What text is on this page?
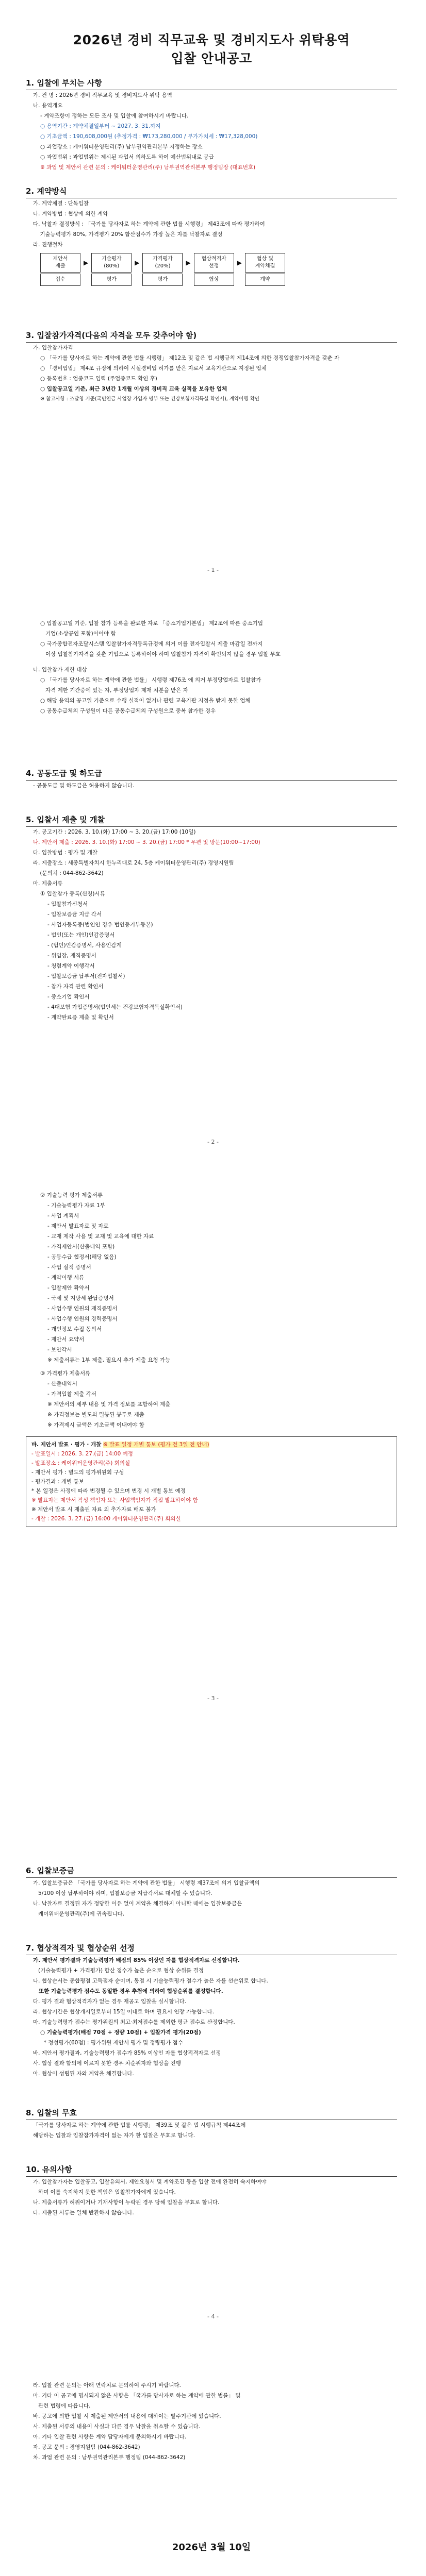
2026년 경비 직무교육 및 경비지도사 위탁용역
입찰 안내공고

1. 입찰에 부치는 사항

가. 건 명 : 2026년 경비 직무교육 및 경비지도사 위탁 용역

나. 용역개요

- 계약조항이 정하는 모든 조사 및 입찰에 참여하시기 바랍니다.

○ 용역기간 : 계약체결일부터 ~ 2027. 3. 31.까지

○ 기초금액 : 190,608,000원 (추정가격 : ₩173,280,000 / 부가가치세 : ₩17,328,000)

○ 과업장소 : 케이워터운영관리(주) 남부권역관리본부 지정하는 장소

○ 과업범위 : 과업범위는 제시된 과업서 의하도록 하여 예산범위내로 공급

※ 과업 및 제안서 관련 문의 : 케이워터운영관리(주) 남부권역관리본부 행정팀장 (대표번호)

2. 계약방식

가. 계약체결 : 단독입찰

나. 계약방법 : 협상에 의한 계약

다. 낙찰자 결정방식 : 「국가를 당사자로 하는 계약에 관한 법률 시행령」 제43조에 따라 평가하여

기술능력평가 80%, 가격평가 20% 합산점수가 가장 높은 자를 낙찰자로 결정

라. 진행절차

제안서
제출	▶
기술평가
(80%)	▶
가격평가
(20%)	▶
협상적격자
선정	▶
협상 및
계약체결
접수	평가	평가	협상	계약

3. 입찰참가자격(다음의 자격을 모두 갖추어야 함)

가. 입찰참가자격

○ 「국가를 당사자로 하는 계약에 관한 법률 시행령」 제12조 및 같은 법 시행규칙 제14조에 의한 경쟁입찰참가자격을 갖춘 자

○ 「경비업법」 제4조 규정에 의하여 시설경비업 허가를 받은 자로서 교육기관으로 지정된 업체

○ 등록번호 : 업종코드 입력 (주업종코드 확인 후)

○ 입찰공고일 기준, 최근 3년간 1개월 이상의 경비직 교육 실적을 보유한 업체

※ 참고사항 : 조달청 기준(국민연금 사업장 가입자 명부 또는 건강보험자격득실 확인서), 계약이행 확인

- 1 -

○ 입찰공고일 기준, 입찰 참가 등록을 완료한 자로 「중소기업기본법」 제2조에 따른 중소기업

기업(소상공인 포함)이어야 함

○ 국가종합전자조달시스템 입찰참가자격등록규정에 의거 이를 전자입찰서 제출 마감일 전까지

이상 입찰참가자격을 갖춘 기업으로 등록하여야 하며 입찰참가 자격이 확인되지 않을 경우 입찰 무효

나. 입찰참가 제한 대상

○ 「국가를 당사자로 하는 계약에 관한 법률」 시행령 제76조 에 의거 부정당업자로 입찰참가

자격 제한 기간중에 있는 자, 부정당업자 제재 처분을 받은 자

○ 해당 용역의 공고일 기준으로 수행 실적이 없거나 관련 교육기관 지정을 받지 못한 업체

○ 공동수급체의 구성원이 다른 공동수급체의 구성원으로 중복 참가한 경우

4. 공동도급 및 하도급

- 공동도급 및 하도급은 허용하지 않습니다.

5. 입찰서 제출 및 개찰

가. 공고기간 : 2026. 3. 10.(화) 17:00 ~ 3. 20.(금) 17:00 (10일)

나. 제안서 제출 : 2026. 3. 10.(화) 17:00 ~ 3. 20.(금) 17:00 * 우편 및 방문(10:00~17:00)

다. 입찰방법 : 평가 및 개찰

라. 제출장소 : 세종특별자치시 한누리대로 24, 5층 케이워터운영관리(주) 경영지원팀

(문의처 : 044-862-3642)

마. 제출서류

① 입찰참가 등록(신청)서류

- 입찰참가신청서

- 입찰보증금 지급 각서

- 사업자등록증(법인인 경우 법인등기부등본)

- 법인(또는 개인)인감증명서

- (법인)인감증명서, 사용인감계

- 위임장, 재직증명서

- 청렴계약 이행각서

- 입찰보증금 납부서(전자입찰서)

- 참가 자격 관련 확인서

- 중소기업 확인서

- 4대보험 가입증명서(법인세는 건강보험자격득실확인서)

- 계약완료증 제출 및 확인서

- 2 -

② 기술능력 평가 제출서류

- 기술능력평가 자료 1부

- 사업 계획서

- 제안서 발표자료 및 자료

- 교재 제작 사용 및 교재 및 교육에 대한 자료

- 가격제안서(산출내역 포함)

- 공동수급 협정서(해당 없음)

- 사업 실적 증명서

- 계약이행 서류

- 입찰제안 확약서

- 국세 및 지방세 완납증명서

- 사업수행 인원의 재직증명서

- 사업수행 인원의 경력증명서

- 개인정보 수집 동의서

- 제안서 요약서

- 보안각서

※ 제출서류는 1부 제출, 필요시 추가 제출 요청 가능

③ 가격평가 제출서류

- 산출내역서

- 가격입찰 제출 각서

※ 제안서의 세부 내용 및 가격 정보를 포함하여 제출

※ 가격정보는 별도의 밀봉된 봉투로 제출

※ 가격제시 금액은 기초금액 이내여야 함

바. 제안서 발표 · 평가 · 개찰 ※ 발표 일정 개별 통보 (평가 전 3일 전 안내)
- 발표일시 : 2026. 3. 27.(금) 14:00 예정
- 발표장소 : 케이워터운영관리(주) 회의실
- 제안서 평가 : 별도의 평가위원회 구성
- 평가결과 : 개별 통보
* 본 일정은 사정에 따라 변경될 수 있으며 변경 시 개별 통보 예정
※ 발표자는 제안서 작성 책임자 또는 사업책임자가 직접 발표하여야 함
※ 제안서 발표 시 제출된 자료 외 추가자료 배포 불가
- 개찰 : 2026. 3. 27.(금) 16:00 케이워터운영관리(주) 회의실
- 3 -

6. 입찰보증금

가. 입찰보증금은 「국가를 당사자로 하는 계약에 관한 법률」 시행령 제37조에 의거 입찰금액의

5/100 이상 납부하여야 하며, 입찰보증금 지급각서로 대체할 수 있습니다.

나. 낙찰자로 결정된 자가 정당한 이유 없이 계약을 체결하지 아니할 때에는 입찰보증금은

케이워터운영관리(주)에 귀속됩니다.

7. 협상적격자 및 협상순위 선정

가. 제안서 평가결과 기술능력평가 배점의 85% 이상인 자를 협상적격자로 선정합니다.

(기술능력평가 + 가격평가) 합산 점수가 높은 순으로 협상 순위를 결정

나. 협상순서는 종합평점 고득점자 순이며, 동점 시 기술능력평가 점수가 높은 자를 선순위로 합니다.

또한 기술능력평가 점수도 동일한 경우 추첨에 의하여 협상순위를 결정합니다.

다. 평가 결과 협상적격자가 없는 경우 재공고 입찰을 실시합니다.

라. 협상기간은 협상개시일로부터 15일 이내로 하며 필요시 연장 가능합니다.

마. 기술능력평가 점수는 평가위원의 최고·최저점수를 제외한 평균 점수로 산정합니다.

○ 기술능력평가(배점 70점 + 정량 10점) + 입찰가격 평가(20점)

* 정성평가(60점) : 평가위원 제안서 평가 및 정량평가 점수

바. 제안서 평가결과, 기술능력평가 점수가 85% 이상인 자를 협상적격자로 선정

사. 협상 결과 합의에 이르지 못한 경우 차순위자와 협상을 진행

아. 협상이 성립된 자와 계약을 체결합니다.

8. 입찰의 무효

「국가를 당사자로 하는 계약에 관한 법률 시행령」 제39조 및 같은 법 시행규칙 제44조에

해당하는 입찰과 입찰참가자격이 없는 자가 한 입찰은 무효로 합니다.

10. 유의사항

가. 입찰참가자는 입찰공고, 입찰유의서, 제안요청서 및 계약조건 등을 입찰 전에 완전히 숙지하여야

하며 이를 숙지하지 못한 책임은 입찰참가자에게 있습니다.

나. 제출서류가 허위이거나 기재사항이 누락된 경우 당해 입찰을 무효로 합니다.

다. 제출된 서류는 일체 반환하지 않습니다.

- 4 -

라. 입찰 관련 문의는 아래 연락처로 문의하여 주시기 바랍니다.

마. 기타 이 공고에 명시되지 않은 사항은 「국가를 당사자로 하는 계약에 관한 법률」 및

관련 법령에 따릅니다.

바. 공고에 의한 입찰 시 제출된 제안서의 내용에 대하여는 발주기관에 있습니다.

사. 제출된 서류의 내용이 사실과 다른 경우 낙찰을 취소할 수 있습니다.

아. 기타 입찰 관련 사항은 계약 담당자에게 문의하시기 바랍니다.

자. 공고 문의 : 경영지원팀 (044-862-3642)

차. 과업 관련 문의 : 남부권역관리본부 행정팀 (044-862-3642)

2026년 3월 10일
